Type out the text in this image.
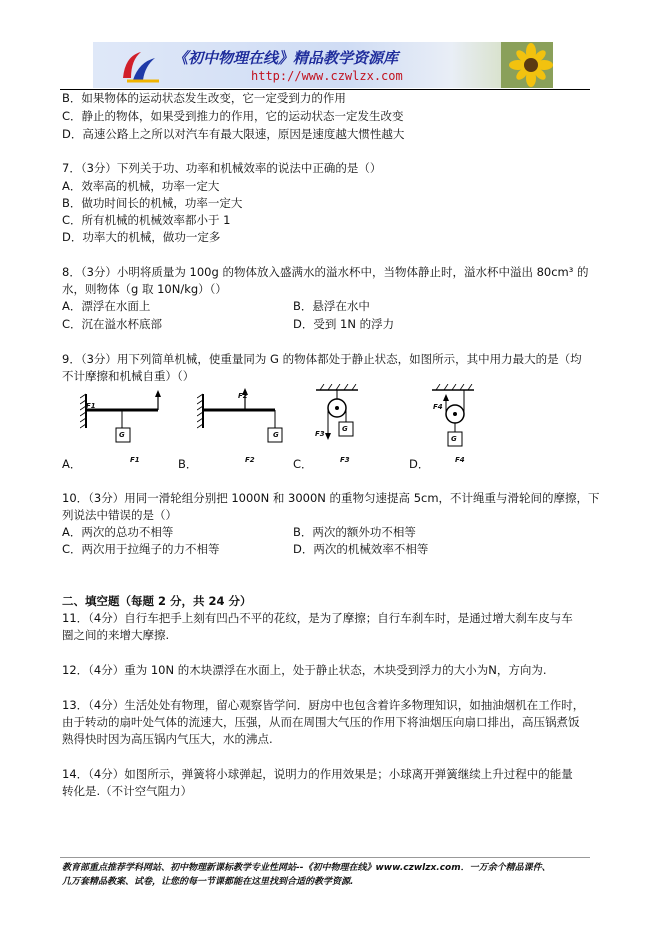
《初中物理在线》精品教学资源库
http://www.czwlzx.com
B．如果物体的运动状态发生改变，它一定受到力的作用
C．静止的物体，如果受到推力的作用，它的运动状态一定发生改变
D．高速公路上之所以对汽车有最大限速，原因是速度越大惯性越大
7．（3分）下列关于功、功率和机械效率的说法中正确的是（）
A．效率高的机械，功率一定大
B．做功时间长的机械，功率一定大
C．所有机械的机械效率都小于 1
D．功率大的机械，做功一定多
8．（3分）小明将质量为 100g 的物体放入盛满水的溢水杯中，当物体静止时，溢水杯中溢出 80cm³ 的
水，则物体（g 取 10N/kg）（）
A．漂浮在水面上	B．悬浮在水中
C．沉在溢水杯底部	D．受到 1N 的浮力
9．（3分）用下列简单机械，使重量同为 G 的物体都处于静止状态，如图所示，其中用力最大的是（均
不计摩擦和机械自重）（）
F1
G
F2
G	F3
G
F4
G
A．	B．	C．	D．
F1	F2	F3	F4
10．（3分）用同一滑轮组分别把 1000N 和 3000N 的重物匀速提高 5cm，不计绳重与滑轮间的摩擦，下
列说法中错误的是（）
A．两次的总功不相等	B．两次的额外功不相等
C．两次用于拉绳子的力不相等	D．两次的机械效率不相等
二、填空题（每题 2 分，共 24 分）
11．（4分）自行车把手上刻有凹凸不平的花纹，是为了摩擦；自行车刹车时，是通过增大刹车皮与车
圈之间的来增大摩擦.
12．（4分）重为 10N 的木块漂浮在水面上，处于静止状态，木块受到浮力的大小为N，方向为.
13．（4分）生活处处有物理，留心观察皆学问．厨房中也包含着许多物理知识，如抽油烟机在工作时，
由于转动的扇叶处气体的流速大，压强，从而在周围大气压的作用下将油烟压向扇口排出，高压锅煮饭
熟得快时因为高压锅内气压大，水的沸点.
14．（4分）如图所示，弹簧将小球弹起，说明力的作用效果是；小球离开弹簧继续上升过程中的能量
转化是.（不计空气阻力）
教育部重点推荐学科网站、初中物理新课标教学专业性网站--《初中物理在线》www.czwlzx.com．一万余个精品课件、
几万套精品教案、试卷，让您的每一节课都能在这里找到合适的教学资源.
